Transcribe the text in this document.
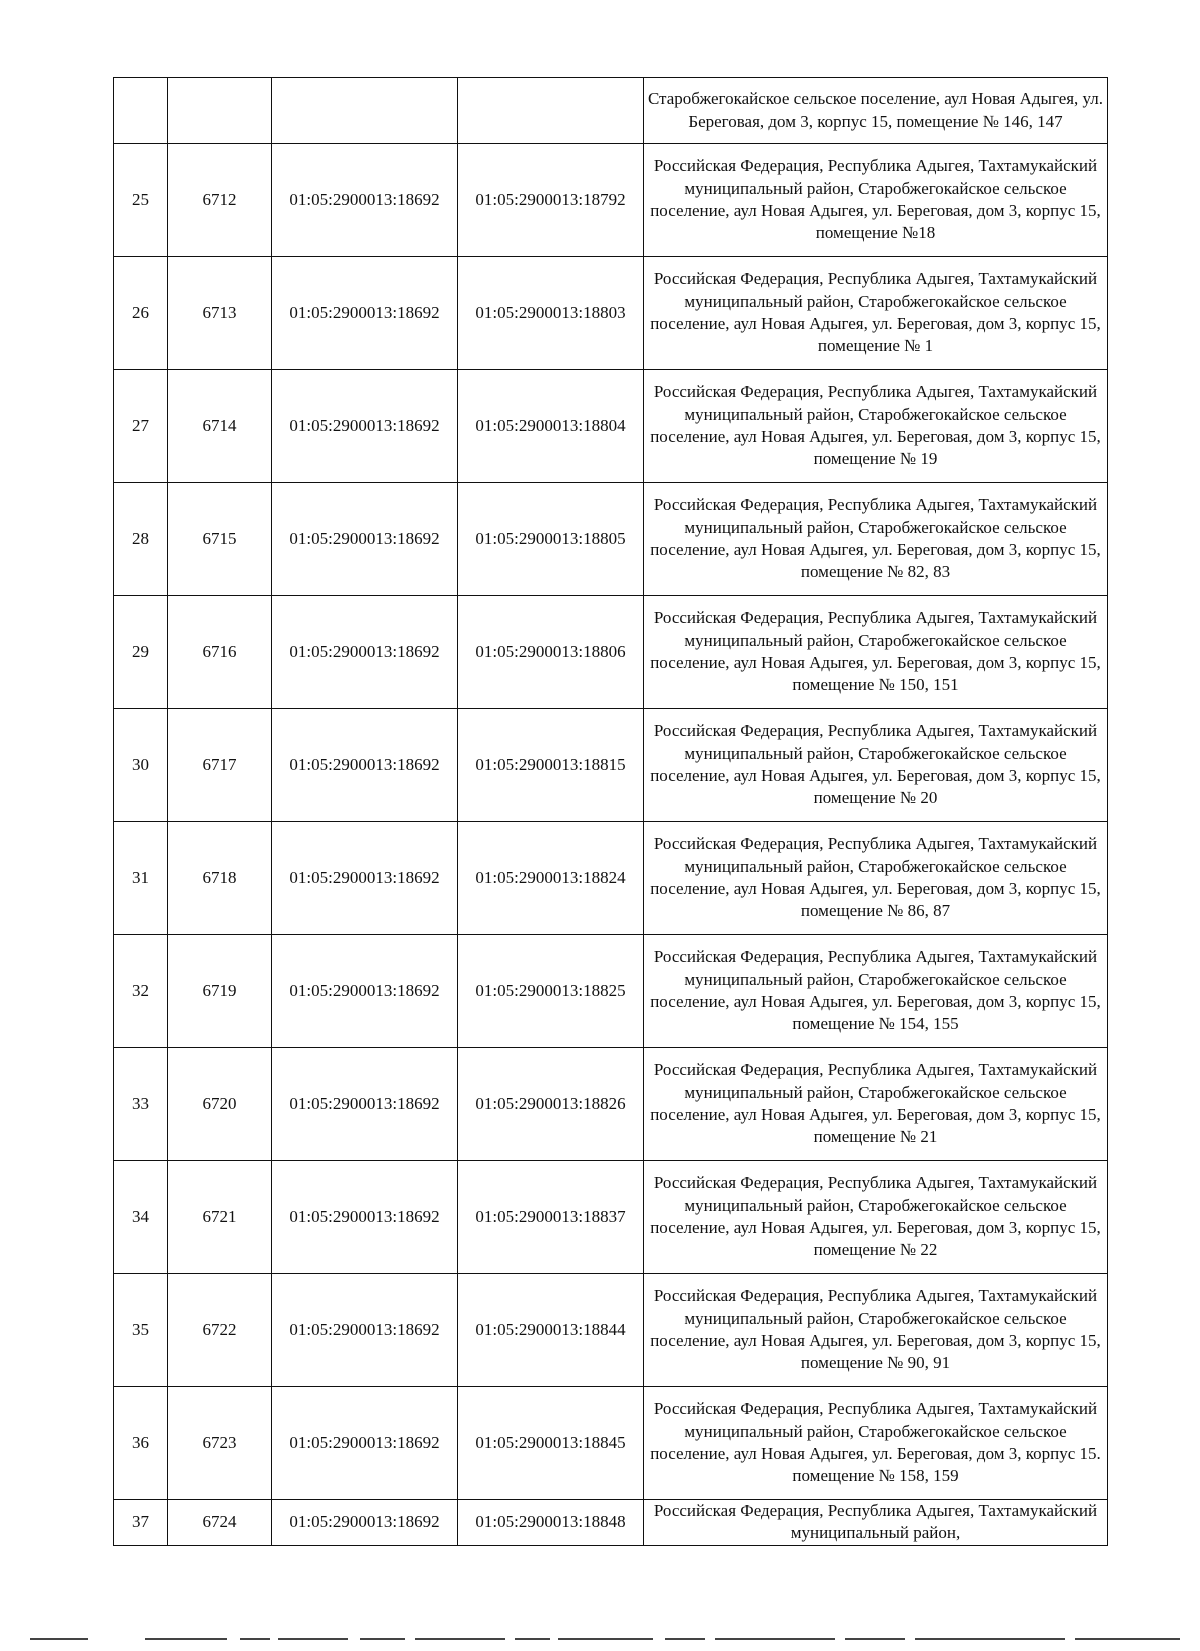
				Старобжегокайское сельское поселение, аул Новая Адыгея, ул. Береговая, дом 3, корпус 15, помещение № 146, 147
25	6712	01:05:2900013:18692	01:05:2900013:18792	Российская Федерация, Республика Адыгея, Тахтамукайский муниципальный район, Старобжегокайское сельское поселение, аул Новая Адыгея, ул. Береговая, дом 3, корпус 15, помещение №18
26	6713	01:05:2900013:18692	01:05:2900013:18803	Российская Федерация, Республика Адыгея, Тахтамукайский муниципальный район, Старобжегокайское сельское поселение, аул Новая Адыгея, ул. Береговая, дом 3, корпус 15, помещение № 1
27	6714	01:05:2900013:18692	01:05:2900013:18804	Российская Федерация, Республика Адыгея, Тахтамукайский муниципальный район, Старобжегокайское сельское поселение, аул Новая Адыгея, ул. Береговая, дом 3, корпус 15, помещение № 19
28	6715	01:05:2900013:18692	01:05:2900013:18805	Российская Федерация, Республика Адыгея, Тахтамукайский муниципальный район, Старобжегокайское сельское поселение, аул Новая Адыгея, ул. Береговая, дом 3, корпус 15, помещение № 82, 83
29	6716	01:05:2900013:18692	01:05:2900013:18806	Российская Федерация, Республика Адыгея, Тахтамукайский муниципальный район, Старобжегокайское сельское поселение, аул Новая Адыгея, ул. Береговая, дом 3, корпус 15, помещение № 150, 151
30	6717	01:05:2900013:18692	01:05:2900013:18815	Российская Федерация, Республика Адыгея, Тахтамукайский муниципальный район, Старобжегокайское сельское поселение, аул Новая Адыгея, ул. Береговая, дом 3, корпус 15, помещение № 20
31	6718	01:05:2900013:18692	01:05:2900013:18824	Российская Федерация, Республика Адыгея, Тахтамукайский муниципальный район, Старобжегокайское сельское поселение, аул Новая Адыгея, ул. Береговая, дом 3, корпус 15, помещение № 86, 87
32	6719	01:05:2900013:18692	01:05:2900013:18825	Российская Федерация, Республика Адыгея, Тахтамукайский муниципальный район, Старобжегокайское сельское поселение, аул Новая Адыгея, ул. Береговая, дом 3, корпус 15, помещение № 154, 155
33	6720	01:05:2900013:18692	01:05:2900013:18826	Российская Федерация, Республика Адыгея, Тахтамукайский муниципальный район, Старобжегокайское сельское поселение, аул Новая Адыгея, ул. Береговая, дом 3, корпус 15, помещение № 21
34	6721	01:05:2900013:18692	01:05:2900013:18837	Российская Федерация, Республика Адыгея, Тахтамукайский муниципальный район, Старобжегокайское сельское поселение, аул Новая Адыгея, ул. Береговая, дом 3, корпус 15, помещение № 22
35	6722	01:05:2900013:18692	01:05:2900013:18844	Российская Федерация, Республика Адыгея, Тахтамукайский муниципальный район, Старобжегокайское сельское поселение, аул Новая Адыгея, ул. Береговая, дом 3, корпус 15, помещение № 90, 91
36	6723	01:05:2900013:18692	01:05:2900013:18845	Российская Федерация, Республика Адыгея, Тахтамукайский муниципальный район, Старобжегокайское сельское поселение, аул Новая Адыгея, ул. Береговая, дом 3, корпус 15. помещение № 158, 159
37	6724	01:05:2900013:18692	01:05:2900013:18848	Российская Федерация, Республика Адыгея, Тахтамукайский муниципальный район,
